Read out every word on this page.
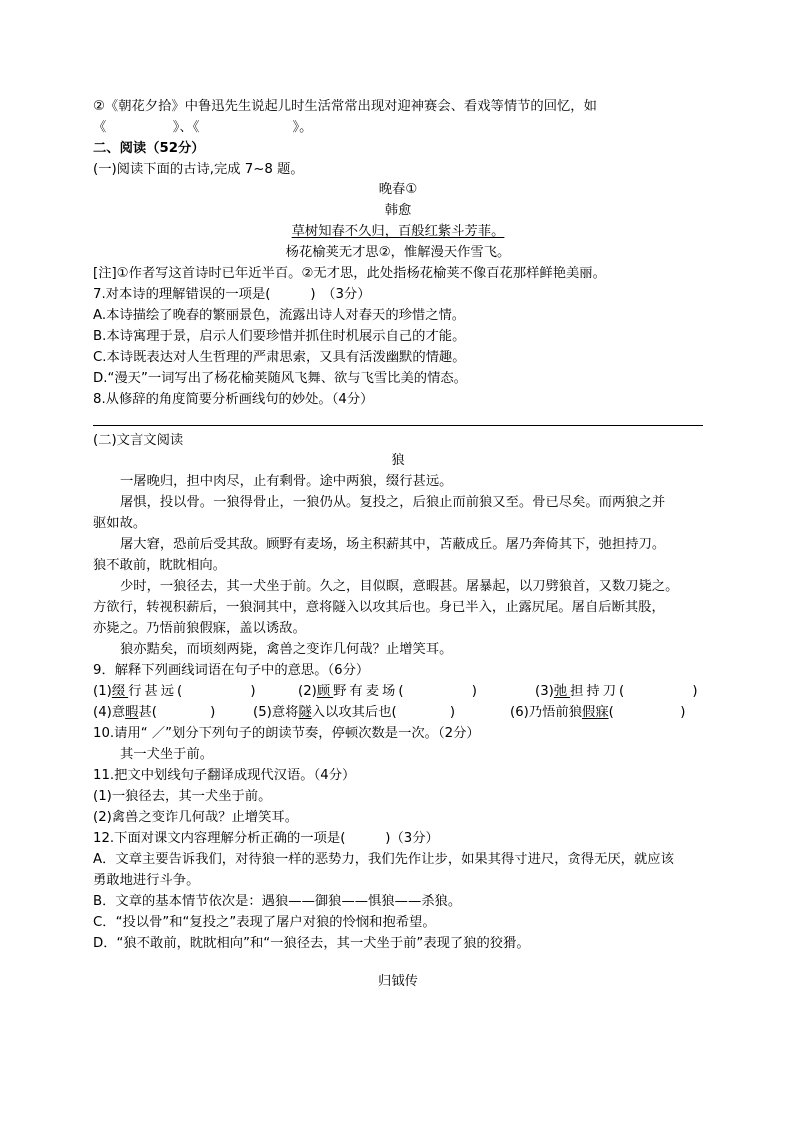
②《朝花夕拾》中鲁迅先生说起儿时生活常常出现对迎神赛会、看戏等情节的回忆，如
《　　　　　》、《　　　　　　　》。
二、阅读（52分）
(一)阅读下面的古诗,完成 7~8 题。
晚春①
韩愈
草树知春不久归，百般红紫斗芳菲。
杨花榆荚无才思②，惟解漫天作雪飞。
[注]①作者写这首诗时已年近半百。②无才思，此处指杨花榆荚不像百花那样鲜艳美丽。
7.对本诗的理解错误的一项是(　　　)　（3分）
A.本诗描绘了晚春的繁丽景色，流露出诗人对春天的珍惜之情。
B.本诗寓理于景，启示人们要珍惜并抓住时机展示自己的才能。
C.本诗既表达对人生哲理的严肃思索，又具有活泼幽默的情趣。
D.“漫天”一词写出了杨花榆荚随风飞舞、欲与飞雪比美的情态。
8.从修辞的角度简要分析画线句的妙处。（4分）
(二)文言文阅读
狼
一屠晚归，担中肉尽，止有剩骨。途中两狼，缀行甚远。
屠惧，投以骨。一狼得骨止，一狼仍从。复投之，后狼止而前狼又至。骨已尽矣。而两狼之并
驱如故。
屠大窘，恐前后受其敌。顾野有麦场，场主积薪其中，苫蔽成丘。屠乃奔倚其下，弛担持刀。
狼不敢前，眈眈相向。
少时，一狼径去，其一犬坐于前。久之，目似瞑，意暇甚。屠暴起，以刀劈狼首，又数刀毙之。
方欲行，转视积薪后，一狼洞其中，意将隧入以攻其后也。身已半入，止露尻尾。屠自后断其股，
亦毙之。乃悟前狼假寐，盖以诱敌。
狼亦黠矣，而顷刻两毙，禽兽之变诈几何哉？止增笑耳。
9．解释下列画线词语在句子中的意思。（6分）
(1)缀行甚远(　　　　)	(2)顾野有麦场(　　　　)	(3)弛担持刀(　　　　)
(4)意暇甚(　　　　)	(5)意将隧入以攻其后也(　　　　)	(6)乃悟前狼假寐(　　　　　)
10.请用“ ／”划分下列句子的朗读节奏，停顿次数是一次。（2分）
其一犬坐于前。
11.把文中划线句子翻译成现代汉语。（4分）
(1)一狼径去，其一犬坐于前。
(2)禽兽之变诈几何哉？止增笑耳。
12.下面对课文内容理解分析正确的一项是(　　　)（3分）
A．文章主要告诉我们，对待狼一样的恶势力，我们先作让步，如果其得寸进尺，贪得无厌，就应该
勇敢地进行斗争。
B．文章的基本情节依次是：遇狼——御狼——惧狼——杀狼。
C．“投以骨”和“复投之”表现了屠户对狼的怜悯和抱希望。
D．“狼不敢前，眈眈相向”和“一狼径去，其一犬坐于前”表现了狼的狡猾。
归钺传
